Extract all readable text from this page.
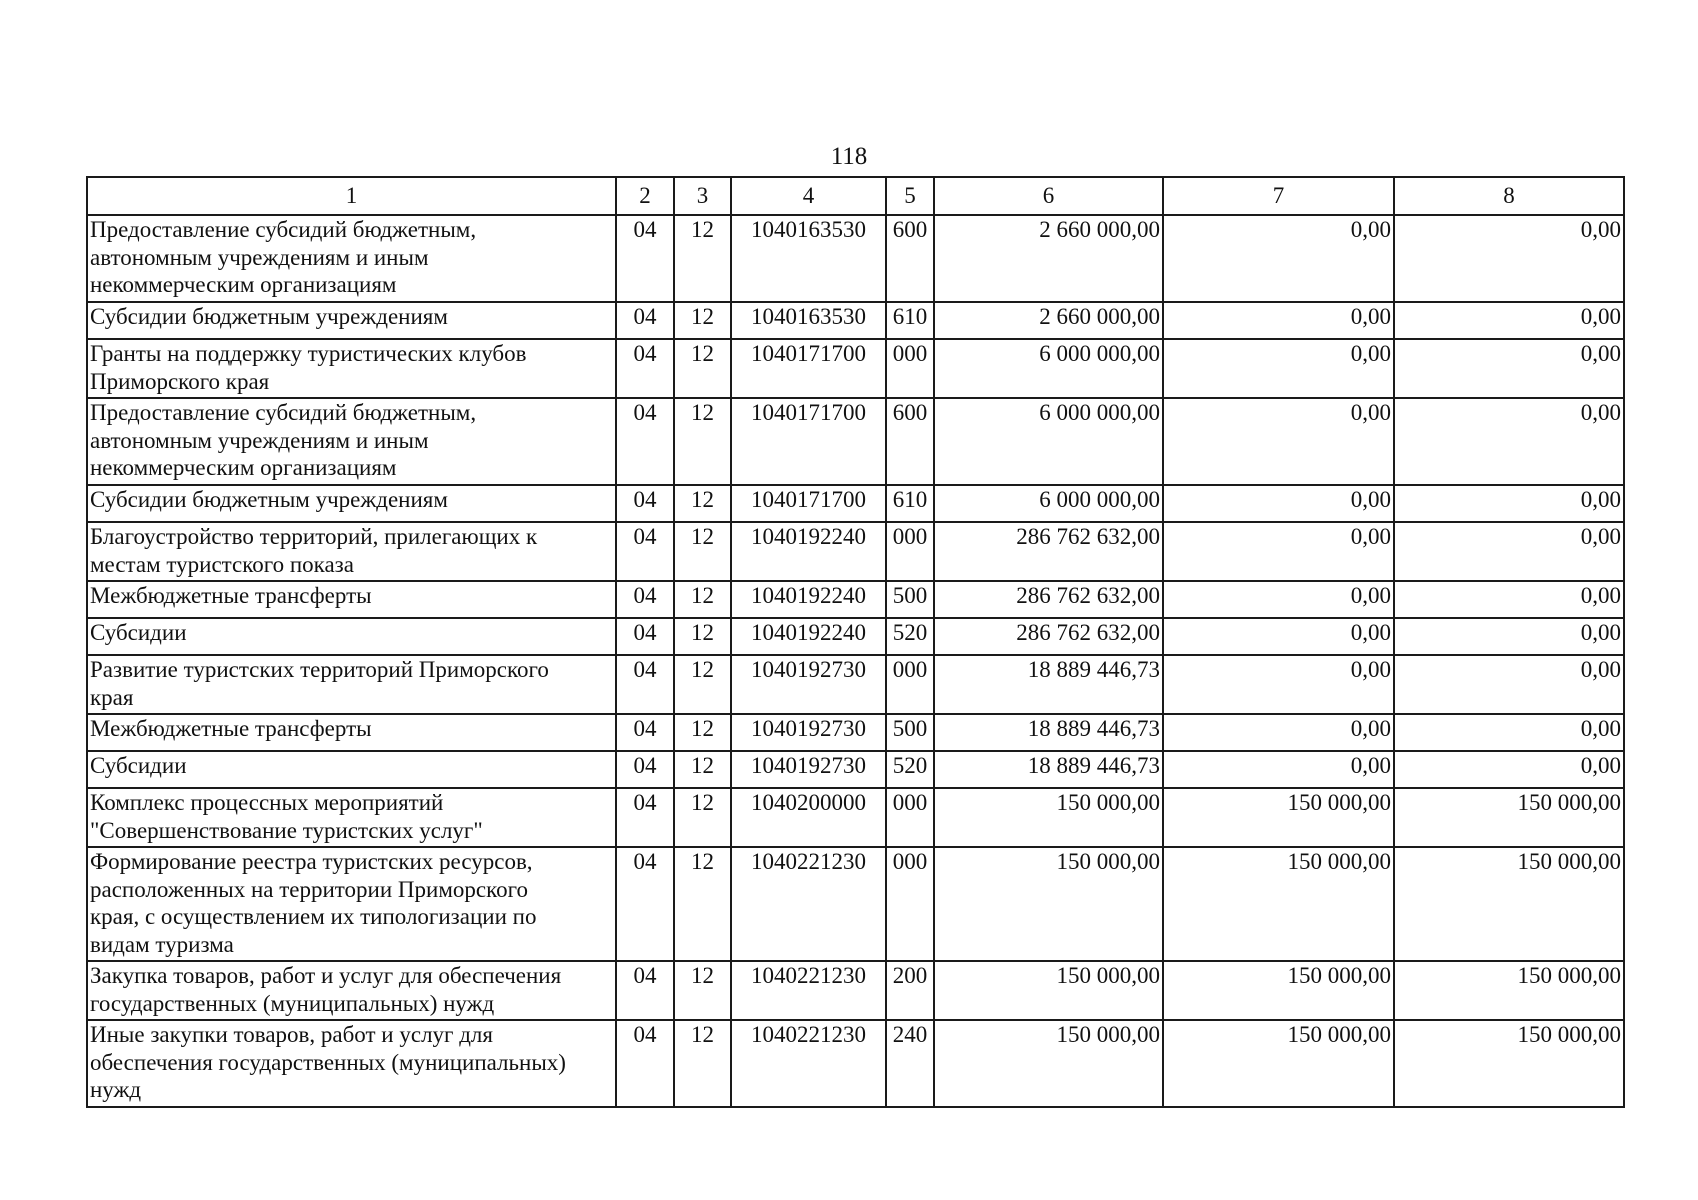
118
1	2	3	4	5	6	7	8
Предоставление субсидий бюджетным,
автономным учреждениям и иным
некоммерческим организациям	04	12	1040163530	600	2 660 000,00	0,00	0,00
Субсидии бюджетным учреждениям	04	12	1040163530	610	2 660 000,00	0,00	0,00
Гранты на поддержку туристических клубов
Приморского края	04	12	1040171700	000	6 000 000,00	0,00	0,00
Предоставление субсидий бюджетным,
автономным учреждениям и иным
некоммерческим организациям	04	12	1040171700	600	6 000 000,00	0,00	0,00
Субсидии бюджетным учреждениям	04	12	1040171700	610	6 000 000,00	0,00	0,00
Благоустройство территорий, прилегающих к
местам туристского показа	04	12	1040192240	000	286 762 632,00	0,00	0,00
Межбюджетные трансферты	04	12	1040192240	500	286 762 632,00	0,00	0,00
Субсидии	04	12	1040192240	520	286 762 632,00	0,00	0,00
Развитие туристских территорий Приморского
края	04	12	1040192730	000	18 889 446,73	0,00	0,00
Межбюджетные трансферты	04	12	1040192730	500	18 889 446,73	0,00	0,00
Субсидии	04	12	1040192730	520	18 889 446,73	0,00	0,00
Комплекс процессных мероприятий
"Совершенствование туристских услуг"	04	12	1040200000	000	150 000,00	150 000,00	150 000,00
Формирование реестра туристских ресурсов,
расположенных на территории Приморского
края, с осуществлением их типологизации по
видам туризма	04	12	1040221230	000	150 000,00	150 000,00	150 000,00
Закупка товаров, работ и услуг для обеспечения
государственных (муниципальных) нужд	04	12	1040221230	200	150 000,00	150 000,00	150 000,00
Иные закупки товаров, работ и услуг для
обеспечения государственных (муниципальных)
нужд	04	12	1040221230	240	150 000,00	150 000,00	150 000,00
